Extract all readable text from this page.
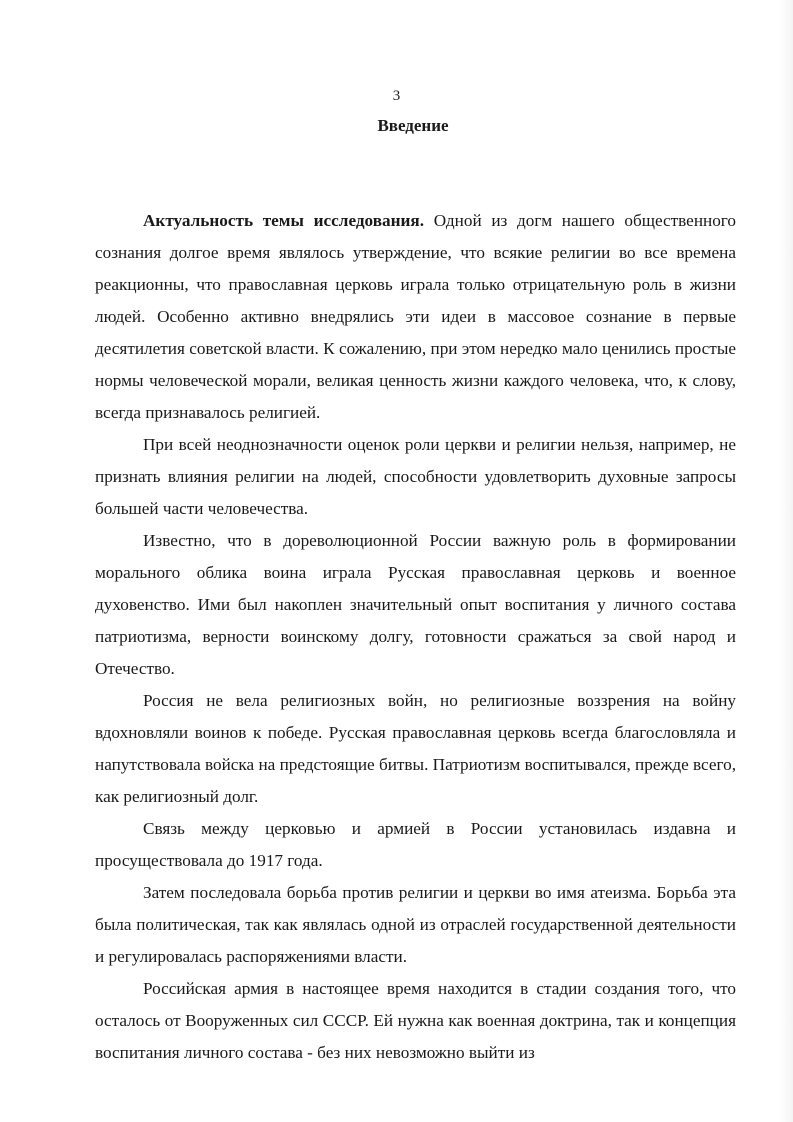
3
Введение

Актуальность темы исследования. Одной из догм нашего общественного сознания долгое время являлось утверждение, что всякие религии во все времена реакционны, что православная церковь играла только отрицательную роль в жизни людей. Особенно активно внедрялись эти идеи в массовое сознание в первые десятилетия советской власти. К сожалению, при этом нередко мало ценились простые нормы человеческой морали, великая ценность жизни каждого человека, что, к слову, всегда признавалось религией.

При всей неоднозначности оценок роли церкви и религии нельзя, например, не признать влияния религии на людей, способности удовлетворить духовные запросы большей части человечества.

Известно, что в дореволюционной России важную роль в формировании морального облика воина играла Русская православная церковь и военное духовенство. Ими был накоплен значительный опыт воспитания у личного состава патриотизма, верности воинскому долгу, готовности сражаться за свой народ и Отечество.

Россия не вела религиозных войн, но религиозные воззрения на войну вдохновляли воинов к победе. Русская православная церковь всегда благословляла и напутствовала войска на предстоящие битвы. Патриотизм воспитывался, прежде всего, как религиозный долг.

Связь между церковью и армией в России установилась издавна и просуществовала до 1917 года.

Затем последовала борьба против религии и церкви во имя атеизма. Борьба эта была политическая, так как являлась одной из отраслей государственной деятельности и регулировалась распоряжениями власти.

Российская армия в настоящее время находится в стадии создания того, что осталось от Вооруженных сил СССР. Ей нужна как военная доктрина, так и концепция воспитания личного состава - без них невозможно выйти из
